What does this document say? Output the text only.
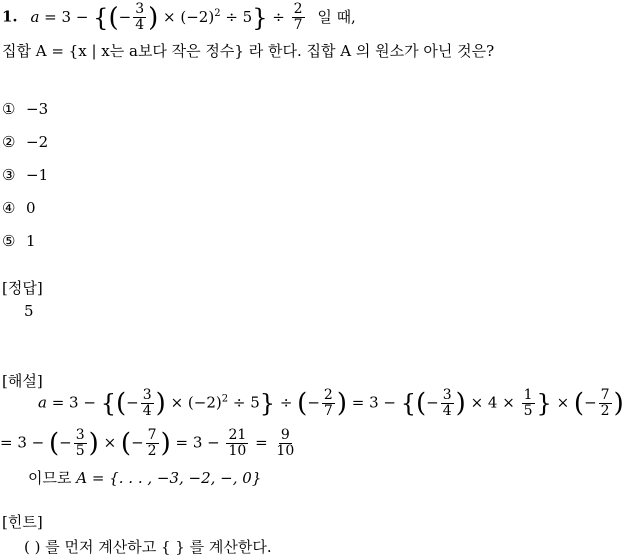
1. a = 3 − {(− $\frac{3}{4}$ ) × $(-2)^2 \div 5\} \div \frac{2}{7}$ 일 때,
집합 A = {x | x는 a보다 작은 정수} 라 한다. 집합 A 의 원소가 아닌 것은?
① −3
② −2
③ −1
④ 0
⑤ 1
[정답]
5
[해설]
a = 3 − {(− $\frac{3}{4}$ ) × $(-2)^2 \div 5$} ÷ (− $\frac{2}{7}$ ) = 3 − {(− $\frac{3}{4}$ ) × $4 \times \frac{1}{5}$ } × (− $\frac{7}{2}$ )
= 3 − (− $\frac{3}{5}$ ) × (− $\frac{7}{2}$ ) = $3 - \frac{21}{10} = \frac{9}{10}$
이므로 A = {. . . , −3, −2, −, 0}
[힌트]
( ) 를 먼저 계산하고 { } 를 계산한다.
